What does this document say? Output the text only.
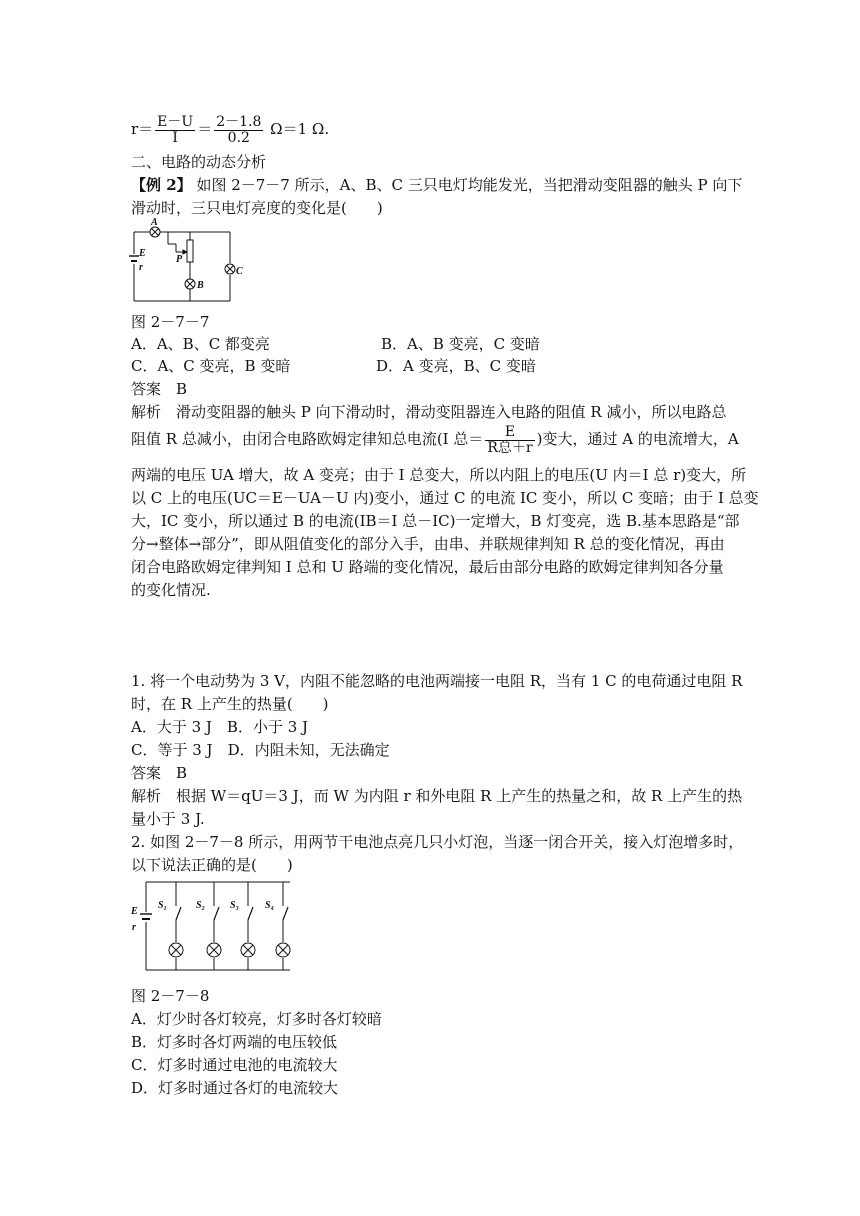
$r= \frac{E-U}{I} = \frac{2-1.8}{0.2} \Omega=1$ Ω.
二、电路的动态分析
【例 2】 如图 2－7－7 所示，A、B、C 三只电灯均能发光，当把滑动变阻器的触头 P 向下
滑动时，三只电灯亮度的变化是(　　)
A
E
r
P
B
C
图 2－7－7
A．A、B、C 都变亮	B．A、B 变亮，C 变暗
C．A、C 变亮，B 变暗	D．A 变亮，B、C 变暗
答案　B
解析　滑动变阻器的触头 P 向下滑动时，滑动变阻器连入电路的阻值 R 减小，所以电路总
阻值 R 总减小，由闭合电路欧姆定律知总电流(I 总＝ $\frac{E}{\text{R总＋r}}$ )变大，通过 A 的电流增大，A
两端的电压 UA 增大，故 A 变亮；由于 I 总变大，所以内阻上的电压(U 内＝I 总 r)变大，所
以 C 上的电压(UC＝E－UA－U 内)变小，通过 C 的电流 IC 变小，所以 C 变暗；由于 I 总变
大，IC 变小，所以通过 B 的电流(IB＝I 总－IC)一定增大，B 灯变亮，选 B.基本思路是“部
分→整体→部分”，即从阻值变化的部分入手，由串、并联规律判知 R 总的变化情况，再由
闭合电路欧姆定律判知 I 总和 U 路端的变化情况，最后由部分电路的欧姆定律判知各分量
的变化情况.
1. 将一个电动势为 3 V，内阻不能忽略的电池两端接一电阻 R，当有 1 C 的电荷通过电阻 R
时，在 R 上产生的热量(　　)
A．大于 3 J　B．小于 3 J
C．等于 3 J　D．内阻未知，无法确定
答案　B
解析　根据 W＝qU＝3 J，而 W 为内阻 r 和外电阻 R 上产生的热量之和，故 R 上产生的热
量小于 3 J.
2. 如图 2－7－8 所示，用两节干电池点亮几只小灯泡，当逐一闭合开关，接入灯泡增多时，
以下说法正确的是(　　)
E
r
S₁	S₂ S₃	S₄
图 2－7－8
A．灯少时各灯较亮，灯多时各灯较暗
B．灯多时各灯两端的电压较低
C．灯多时通过电池的电流较大
D．灯多时通过各灯的电流较大
